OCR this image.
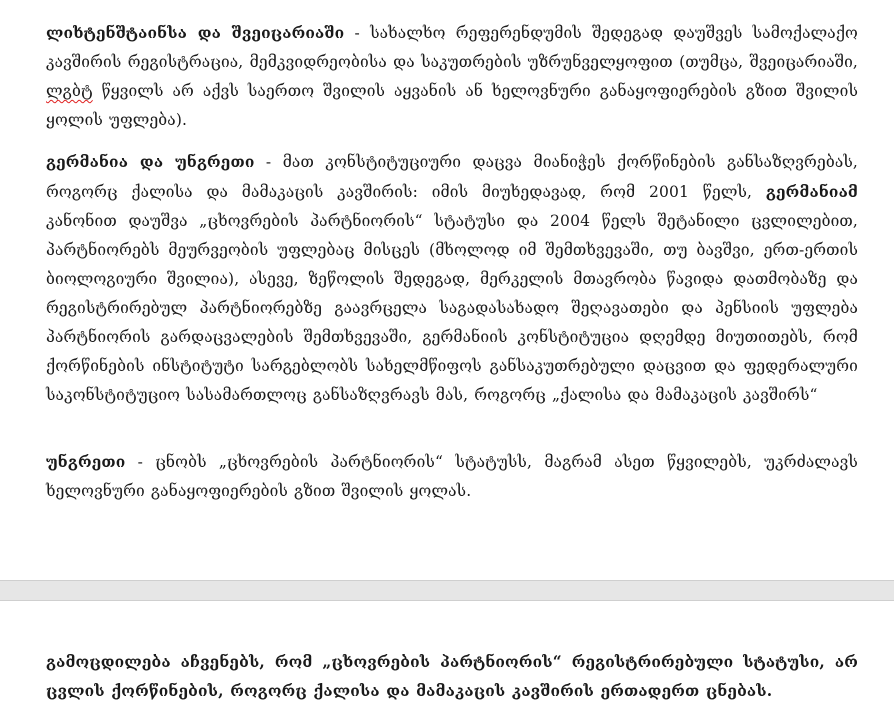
ლიხტენშტაინსა და შვეიცარიაში - სახალხო რეფერენდუმის შედეგად დაუშვეს სამოქალაქო კავშირის რეგისტრაცია, მემკვიდრეობისა და საკუთრების უზრუნველყოფით (თუმცა, შვეიცარიაში, ლგბტ წყვილს არ აქვს საერთო შვილის აყვანის ან ხელოვნური განაყოფიერების გზით შვილის ყოლის უფლება).

გერმანია და უნგრეთი - მათ კონსტიტუციური დაცვა მიანიჭეს ქორწინების განსაზღვრებას, როგორც ქალისა და მამაკაცის კავშირის: იმის მიუხედავად, რომ 2001 წელს, გერმანიამ კანონით დაუშვა „ცხოვრების პარტნიორის“ სტატუსი და 2004 წელს შეტანილი ცვლილებით, პარტნიორებს მეურვეობის უფლებაც მისცეს (მხოლოდ იმ შემთხვევაში, თუ ბავშვი, ერთ-ერთის ბიოლოგიური შვილია), ასევე, ზეწოლის შედეგად, მერკელის მთავრობა წავიდა დათმობაზე და რეგისტრირებულ პარტნიორებზე გაავრცელა საგადასახადო შეღავათები და პენსიის უფლება პარტნიორის გარდაცვალების შემთხვევაში, გერმანიის კონსტიტუცია დღემდე მიუთითებს, რომ ქორწინების ინსტიტუტი სარგებლობს სახელმწიფოს განსაკუთრებული დაცვით და ფედერალური საკონსტიტუციო სასამართლოც განსაზღვრავს მას, როგორც „ქალისა და მამაკაცის კავშირს“

უნგრეთი - ცნობს „ცხოვრების პარტნიორის“ სტატუსს, მაგრამ ასეთ წყვილებს, უკრძალავს ხელოვნური განაყოფიერების გზით შვილის ყოლას.

გამოცდილება აჩვენებს, რომ „ცხოვრების პარტნიორის“ რეგისტრირებული სტატუსი, არ ცვლის ქორწინების, როგორც ქალისა და მამაკაცის კავშირის ერთადერთ ცნებას.
